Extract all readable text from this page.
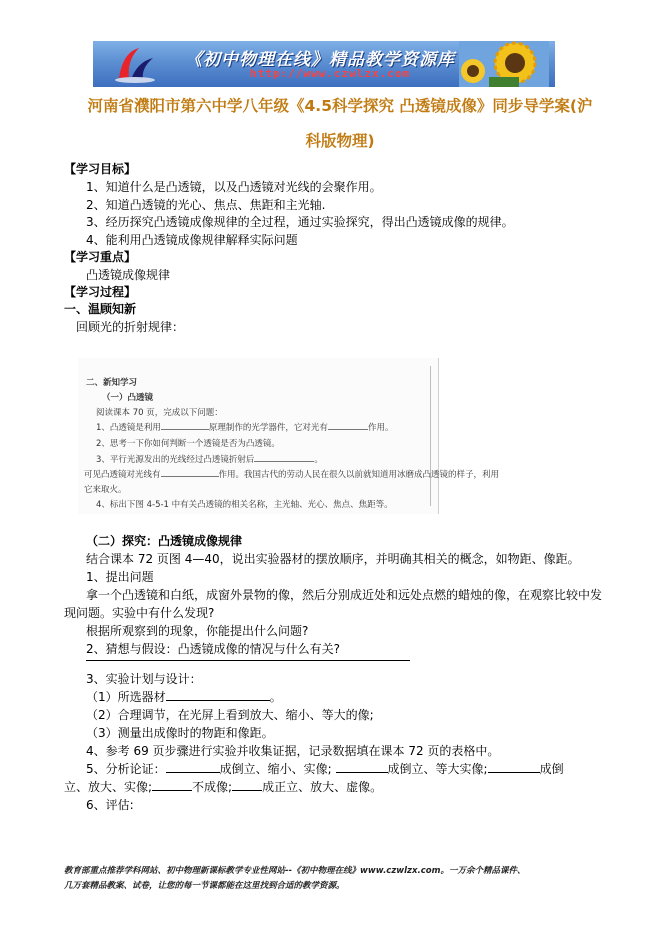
《初中物理在线》精品教学资源库
http://www.czwlzx.com
河南省濮阳市第六中学八年级《4.5科学探究 凸透镜成像》同步导学案(沪
科版物理)
【学习目标】
1、知道什么是凸透镜，以及凸透镜对光线的会聚作用。
2、知道凸透镜的光心、焦点、焦距和主光轴.
3、经历探究凸透镜成像规律的全过程，通过实验探究，得出凸透镜成像的规律。
4、能利用凸透镜成像规律解释实际问题
【学习重点】
凸透镜成像规律
【学习过程】
一、温顾知新
回顾光的折射规律：
二、新知学习
（一）凸透镜
阅读课本 70 页，完成以下问题：
1、凸透镜是利用	原理制作的光学器件，它对光有	作用。
2、思考一下你如何判断一个透镜是否为凸透镜。
3、平行光源发出的光线经过凸透镜折射后	。
可见凸透镜对光线有	作用。我国古代的劳动人民在很久以前就知道用冰磨成凸透镜的样子，利用
它来取火。
4、标出下图 4-5-1 中有关凸透镜的相关名称，主光轴、光心、焦点、焦距等。
（二）探究：凸透镜成像规律
结合课本 72 页图 4—40，说出实验器材的摆放顺序，并明确其相关的概念，如物距、像距。
1、提出问题
拿一个凸透镜和白纸，成窗外景物的像，然后分别成近处和远处点燃的蜡烛的像，在观察比较中发
现问题。实验中有什么发现?
根据所观察到的现象，你能提出什么问题?
2、猜想与假设：凸透镜成像的情况与什么有关?
3、实验计划与设计：
（1）所选器材	。
（2）合理调节，在光屏上看到放大、缩小、等大的像;
（3）测量出成像时的物距和像距。
4、参考 69 页步骤进行实验并收集证据，记录数据填在课本 72 页的表格中。
5、分析论证：	成倒立、缩小、实像;	成倒立、等大实像;	成倒
立、放大、实像;	不成像;	成正立、放大、虚像。
6、评估:
教育部重点推荐学科网站、初中物理新课标教学专业性网站--《初中物理在线》www.czwlzx.com。一万余个精品课件、
几万套精品教案、试卷，让您的每一节课都能在这里找到合适的教学资源。
